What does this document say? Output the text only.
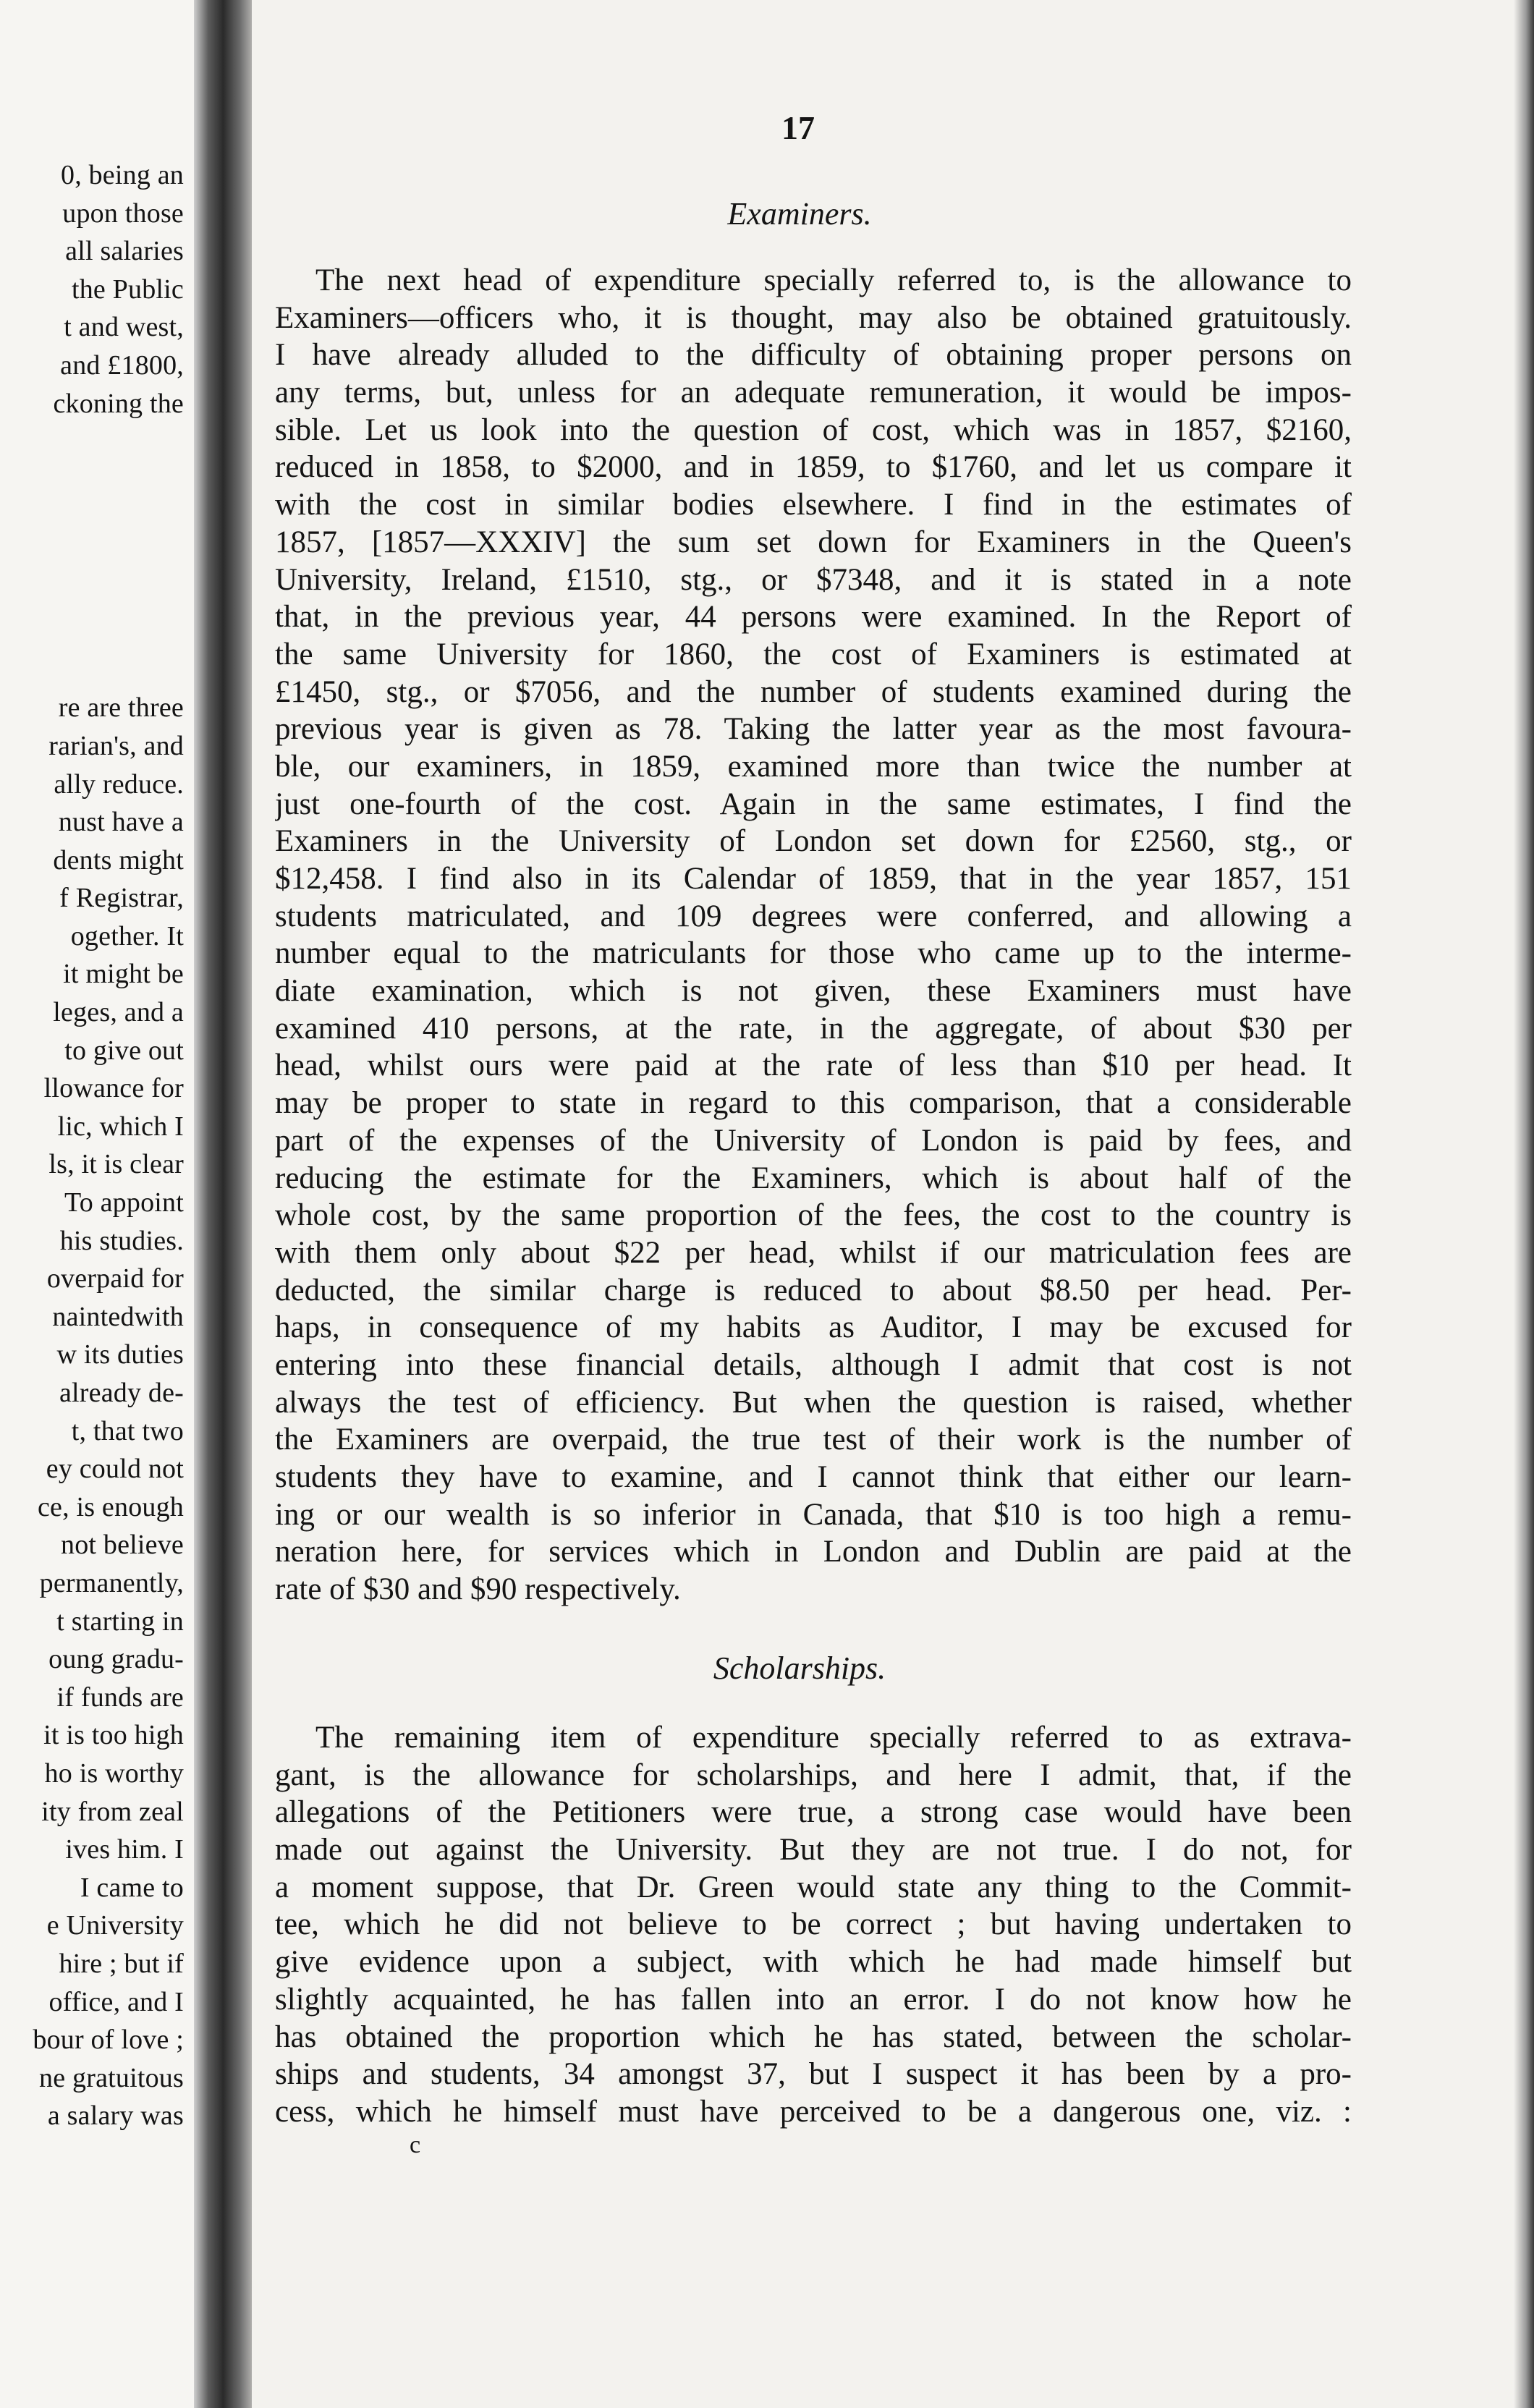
0, being an
upon those
all salaries
the Public
t and west,
and £1800,
ckoning the
re are three
rarian's, and
ally reduce.
nust have a
dents might
f Registrar,
ogether. It
it might be
leges, and a
to give out
llowance for
lic, which I
ls, it is clear
To appoint
his studies.
overpaid for
naintedwith
w its duties
already de-
t, that two
ey could not
ce, is enough
not believe
permanently,
t starting in
oung gradu-
if funds are
it is too high
ho is worthy
ity from zeal
ives him. I
I came to
e University
hire ; but if
office, and I
bour of love ;
ne gratuitous
a salary was

17

Examiners.
The next head of expenditure specially referred to, is the allowance to
Examiners—officers who, it is thought, may also be obtained gratuitously.
I have already alluded to the difficulty of obtaining proper persons on
any terms, but, unless for an adequate remuneration, it would be impos-
sible. Let us look into the question of cost, which was in 1857, $2160,
reduced in 1858, to $2000, and in 1859, to $1760, and let us compare it
with the cost in similar bodies elsewhere. I find in the estimates of
1857, [1857—XXXIV] the sum set down for Examiners in the Queen's
University, Ireland, £1510, stg., or $7348, and it is stated in a note
that, in the previous year, 44 persons were examined. In the Report of
the same University for 1860, the cost of Examiners is estimated at
£1450, stg., or $7056, and the number of students examined during the
previous year is given as 78. Taking the latter year as the most favoura-
ble, our examiners, in 1859, examined more than twice the number at
just one-fourth of the cost. Again in the same estimates, I find the
Examiners in the University of London set down for £2560, stg., or
$12,458. I find also in its Calendar of 1859, that in the year 1857, 151
students matriculated, and 109 degrees were conferred, and allowing a
number equal to the matriculants for those who came up to the interme-
diate examination, which is not given, these Examiners must have
examined 410 persons, at the rate, in the aggregate, of about $30 per
head, whilst ours were paid at the rate of less than $10 per head. It
may be proper to state in regard to this comparison, that a considerable
part of the expenses of the University of London is paid by fees, and
reducing the estimate for the Examiners, which is about half of the
whole cost, by the same proportion of the fees, the cost to the country is
with them only about $22 per head, whilst if our matriculation fees are
deducted, the similar charge is reduced to about $8.50 per head. Per-
haps, in consequence of my habits as Auditor, I may be excused for
entering into these financial details, although I admit that cost is not
always the test of efficiency. But when the question is raised, whether
the Examiners are overpaid, the true test of their work is the number of
students they have to examine, and I cannot think that either our learn-
ing or our wealth is so inferior in Canada, that $10 is too high a remu-
neration here, for services which in London and Dublin are paid at the
rate of $30 and $90 respectively.
Scholarships.
The remaining item of expenditure specially referred to as extrava-
gant, is the allowance for scholarships, and here I admit, that, if the
allegations of the Petitioners were true, a strong case would have been
made out against the University. But they are not true. I do not, for
a moment suppose, that Dr. Green would state any thing to the Commit-
tee, which he did not believe to be correct ; but having undertaken to
give evidence upon a subject, with which he had made himself but
slightly acquainted, he has fallen into an error. I do not know how he
has obtained the proportion which he has stated, between the scholar-
ships and students, 34 amongst 37, but I suspect it has been by a pro-
cess, which he himself must have perceived to be a dangerous one, viz. :

c
